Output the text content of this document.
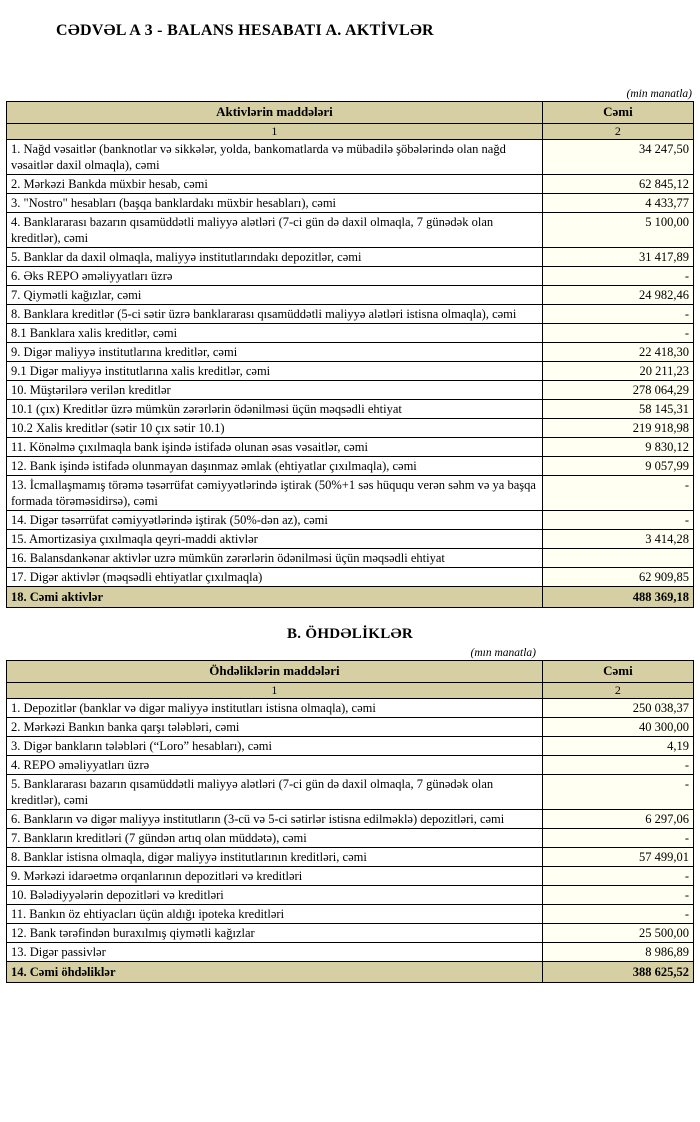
CƏDVƏL A 3 - BALANS HESABATI A. AKTİVLƏR
(min manatla)
Aktivlərin maddələri	Cəmi
1	2
1. Nağd vəsaitlər (banknotlar və sikkələr, yolda, bankomatlarda və mübadilə şöbələrində olan nağd vəsaitlər daxil olmaqla), cəmi	34 247,50
2. Mərkəzi Bankda müxbir hesab, cəmi	62 845,12
3. "Nostro" hesabları (başqa banklardakı müxbir hesabları), cəmi	4 433,77
4. Banklararası bazarın qısamüddətli maliyyə alətləri (7-ci gün də daxil olmaqla, 7 günədək olan kreditlər), cəmi	5 100,00
5. Banklar da daxil olmaqla, maliyyə institutlarındakı depozitlər, cəmi	31 417,89
6. Əks REPO əməliyyatları üzrə	-
7. Qiymətli kağızlar, cəmi	24 982,46
8. Banklara kreditlər (5-ci sətir üzrə banklararası qısamüddətli maliyyə alətləri istisna olmaqla), cəmi	-
8.1 Banklara xalis kreditlər, cəmi	-
9. Digər maliyyə institutlarına kreditlər, cəmi	22 418,30
9.1 Digər maliyyə institutlarına xalis kreditlər, cəmi	20 211,23
10. Müştərilərə verilən kreditlər	278 064,29
10.1 (çıx) Kreditlər üzrə mümkün zərərlərin ödənilməsi üçün məqsədli ehtiyat	58 145,31
10.2 Xalis kreditlər (sətir 10 çıx sətir 10.1)	219 918,98
11. Könəlmə çıxılmaqla bank işində istifadə olunan əsas vəsaitlər, cəmi	9 830,12
12. Bank işində istifadə olunmayan daşınmaz əmlak (ehtiyatlar çıxılmaqla), cəmi	9 057,99
13. İcmallaşmamış törəmə təsərrüfat cəmiyyətlərində iştirak (50%+1 səs hüququ verən səhm və ya başqa formada törəməsidirsə), cəmi	-
14. Digər təsərrüfat cəmiyyətlərində iştirak (50%-dən az), cəmi	-
15. Amortizasiya çıxılmaqla qeyri-maddi aktivlər	3 414,28
16. Balansdankənar aktivlər uzrə mümkün zərərlərin ödənilməsi üçün məqsədli ehtiyat	
17. Digər aktivlər (məqsədli ehtiyatlar çıxılmaqla)	62 909,85
18. Cəmi aktivlər	488 369,18
B. ÖHDƏLİKLƏR
(mın manatla)
Öhdəliklərin maddələri	Cəmi
1	2
1. Depozitlər (banklar və digər maliyyə institutları istisna olmaqla), cəmi	250 038,37
2. Mərkəzi Bankın banka qarşı tələbləri, cəmi	40 300,00
3. Digər bankların tələbləri (“Loro” hesabları), cəmi	4,19
4. REPO əməliyyatları üzrə	-
5. Banklararası bazarın qısamüddətli maliyyə alətləri (7-ci gün də daxil olmaqla, 7 günədək olan kreditlər), cəmi	-
6. Bankların və digər maliyyə institutların (3-cü və 5-ci sətirlər istisna edilməklə) depozitləri, cəmi	6 297,06
7. Bankların kreditləri (7 gündən artıq olan müddətə), cəmi	-
8. Banklar istisna olmaqla, digər maliyyə institutlarının kreditləri, cəmi	57 499,01
9. Mərkəzi idarəetmə orqanlarının depozitləri və kreditləri	-
10. Bələdiyyələrin depozitləri və kreditləri	-
11. Bankın öz ehtiyacları üçün aldığı ipoteka kreditləri	-
12. Bank tərəfindən buraxılmış qiymətli kağızlar	25 500,00
13. Digər passivlər	8 986,89
14. Cəmi öhdəliklər	388 625,52
